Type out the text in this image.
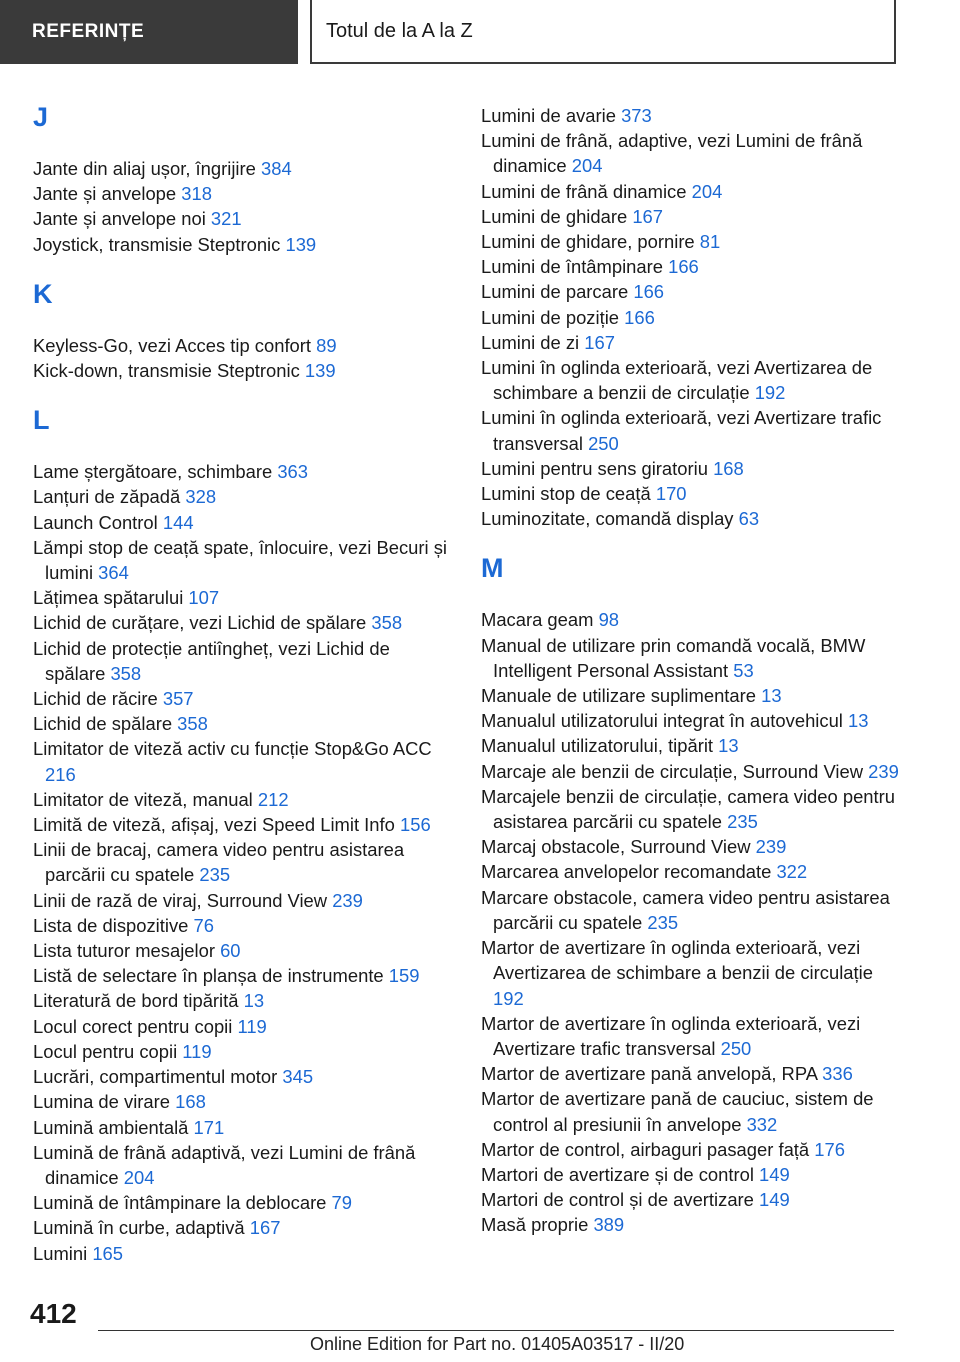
REFERINȚE	Totul de la A la Z
J
Jante din aliaj ușor, îngrijire 384
Jante și anvelope 318
Jante și anvelope noi 321
Joystick, transmisie Steptronic 139
K
Keyless-Go, vezi Acces tip confort 89
Kick-down, transmisie Steptronic 139
L
Lame ștergătoare, schimbare 363
Lanțuri de zăpadă 328
Launch Control 144
Lămpi stop de ceață spate, înlocuire, vezi Becuri și lumini 364
Lățimea spătarului 107
Lichid de curățare, vezi Lichid de spălare 358
Lichid de protecție antiîngheț, vezi Lichid de spălare 358
Lichid de răcire 357
Lichid de spălare 358
Limitator de viteză activ cu funcție Stop&Go ACC 216
Limitator de viteză, manual 212
Limită de viteză, afișaj, vezi Speed Limit Info 156
Linii de bracaj, camera video pentru asistarea parcării cu spatele 235
Linii de rază de viraj, Surround View 239
Lista de dispozitive 76
Lista tuturor mesajelor 60
Listă de selectare în planșa de instrumente 159
Literatură de bord tipărită 13
Locul corect pentru copii 119
Locul pentru copii 119
Lucrări, compartimentul motor 345
Lumina de virare 168
Lumină ambientală 171
Lumină de frână adaptivă, vezi Lumini de frână dinamice 204
Lumină de întâmpinare la deblocare 79
Lumină în curbe, adaptivă 167
Lumini 165
Lumini de avarie 373
Lumini de frână, adaptive, vezi Lumini de frână dinamice 204
Lumini de frână dinamice 204
Lumini de ghidare 167
Lumini de ghidare, pornire 81
Lumini de întâmpinare 166
Lumini de parcare 166
Lumini de poziție 166
Lumini de zi 167
Lumini în oglinda exterioară, vezi Avertizarea de schimbare a benzii de circulație 192
Lumini în oglinda exterioară, vezi Avertizare trafic transversal 250
Lumini pentru sens giratoriu 168
Lumini stop de ceață 170
Luminozitate, comandă display 63
M
Macara geam 98
Manual de utilizare prin comandă vocală, BMW Intelligent Personal Assistant 53
Manuale de utilizare suplimentare 13
Manualul utilizatorului integrat în autovehicul 13
Manualul utilizatorului, tipărit 13
Marcaje ale benzii de circulație, Surround View 239
Marcajele benzii de circulație, camera video pentru asistarea parcării cu spatele 235
Marcaj obstacole, Surround View 239
Marcarea anvelopelor recomandate 322
Marcare obstacole, camera video pentru asistarea parcării cu spatele 235
Martor de avertizare în oglinda exterioară, vezi Avertizarea de schimbare a benzii de circulație 192
Martor de avertizare în oglinda exterioară, vezi Avertizare trafic transversal 250
Martor de avertizare pană anvelopă, RPA 336
Martor de avertizare pană de cauciuc, sistem de control al presiunii în anvelope 332
Martor de control, airbaguri pasager față 176
Martori de avertizare și de control 149
Martori de control și de avertizare 149
Masă proprie 389
412
Online Edition for Part no. 01405A03517 - II/20
